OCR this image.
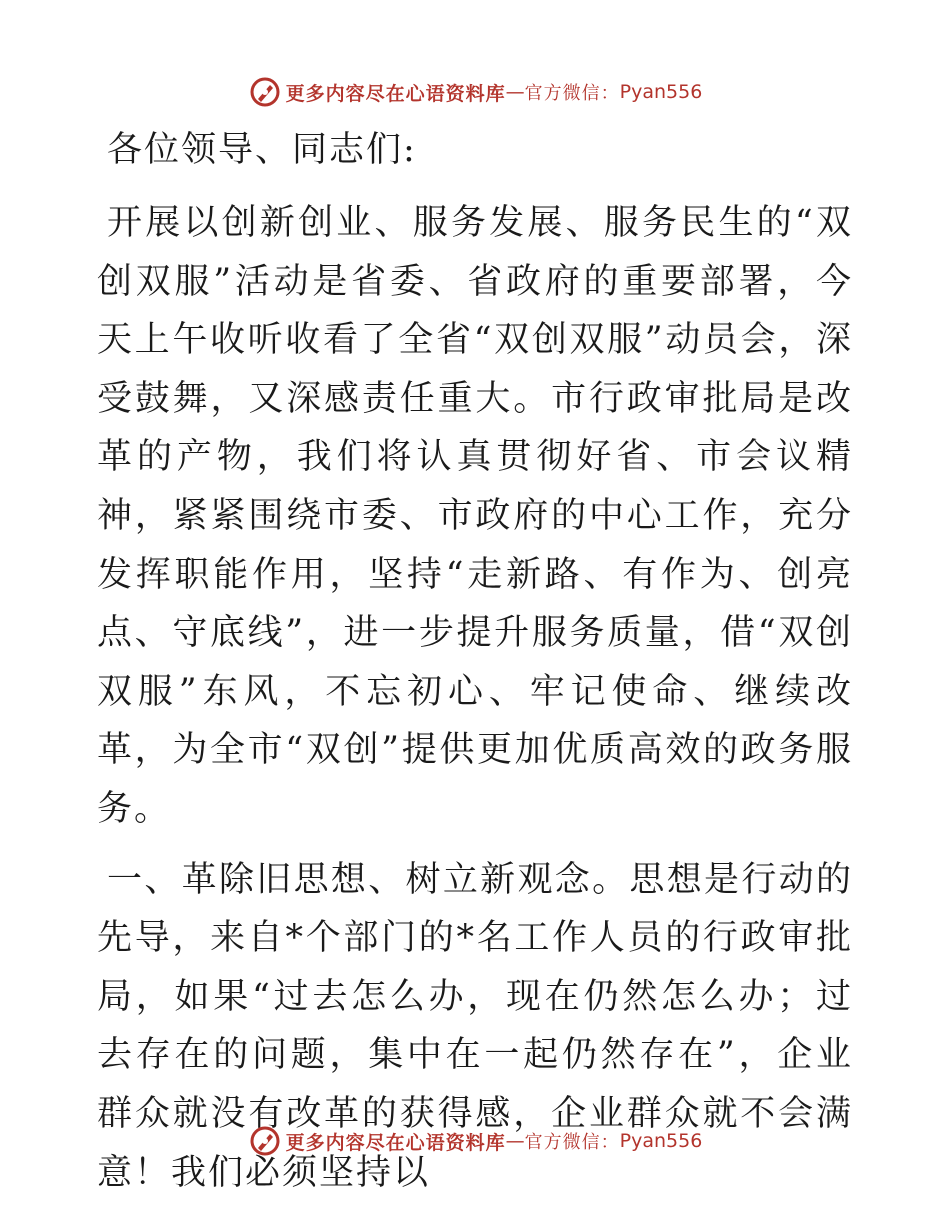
更多内容尽在心语资料库 — 官方微信： Pyan556
各位领导、同志们:

开展以创新创业、服务发展、服务民生的“双创双服”活动是省委、省政府的重要部署，今天上午收听收看了全省“双创双服”动员会，深受鼓舞，又深感责任重大。市行政审批局是改革的产物，我们将认真贯彻好省、市会议精神，紧紧围绕市委、市政府的中心工作，充分发挥职能作用，坚持“走新路、有作为、创亮点、守底线”，进一步提升服务质量，借“双创双服”东风，不忘初心、牢记使命、继续改革，为全市“双创”提供更加优质高效的政务服务。

一、革除旧思想、树立新观念。思想是行动的先导，来自*个部门的*名工作人员的行政审批局，如果“过去怎么办，现在仍然怎么办；过去存在的问题，集中在一起仍然存在”，企业群众就没有改革的获得感，企业群众就不会满意！我们必须坚持以

更多内容尽在心语资料库 — 官方微信： Pyan556
